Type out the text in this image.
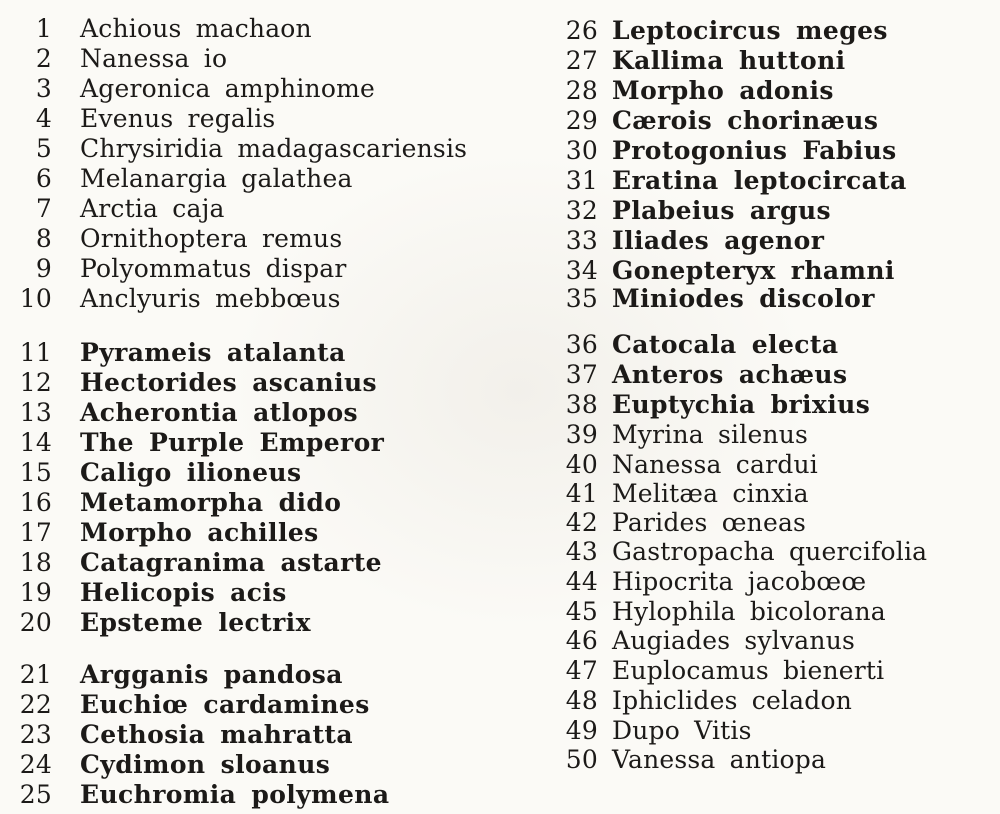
1 Achious machaon
2 Nanessa io
3 Ageronica amphinome
4 Evenus regalis
5 Chrysiridia madagascariensis
6 Melanargia galathea
7 Arctia caja
8 Ornithoptera remus
9 Polyommatus dispar
10 Anclyuris mebbœus
11 Pyrameis atalanta
12 Hectorides ascanius
13 Acherontia atlopos
14 The Purple Emperor
15 Caligo ilioneus
16 Metamorpha dido
17 Morpho achilles
18 Catagranima astarte
19 Helicopis acis
20 Epsteme lectrix
21 Argganis pandosa
22 Euchiœ cardamines
23 Cethosia mahratta
24 Cydimon sloanus
25 Euchromia polymena
26 Leptocircus meges
27 Kallima huttoni
28 Morpho adonis
29 Cærois chorinæus
30 Protogonius Fabius
31 Eratina leptocircata
32 Plabeius argus
33 Iliades agenor
34 Gonepteryx rhamni
35 Miniodes discolor
36 Catocala electa
37 Anteros achæus
38 Euptychia brixius
39 Myrina silenus
40 Nanessa cardui
41 Melitæa cinxia
42 Parides œneas
43 Gastropacha quercifolia
44 Hipocrita jacobœœ
45 Hylophila bicolorana
46 Augiades sylvanus
47 Euplocamus bienerti
48 Iphiclides celadon
49 Dupo Vitis
50 Vanessa antiopa
